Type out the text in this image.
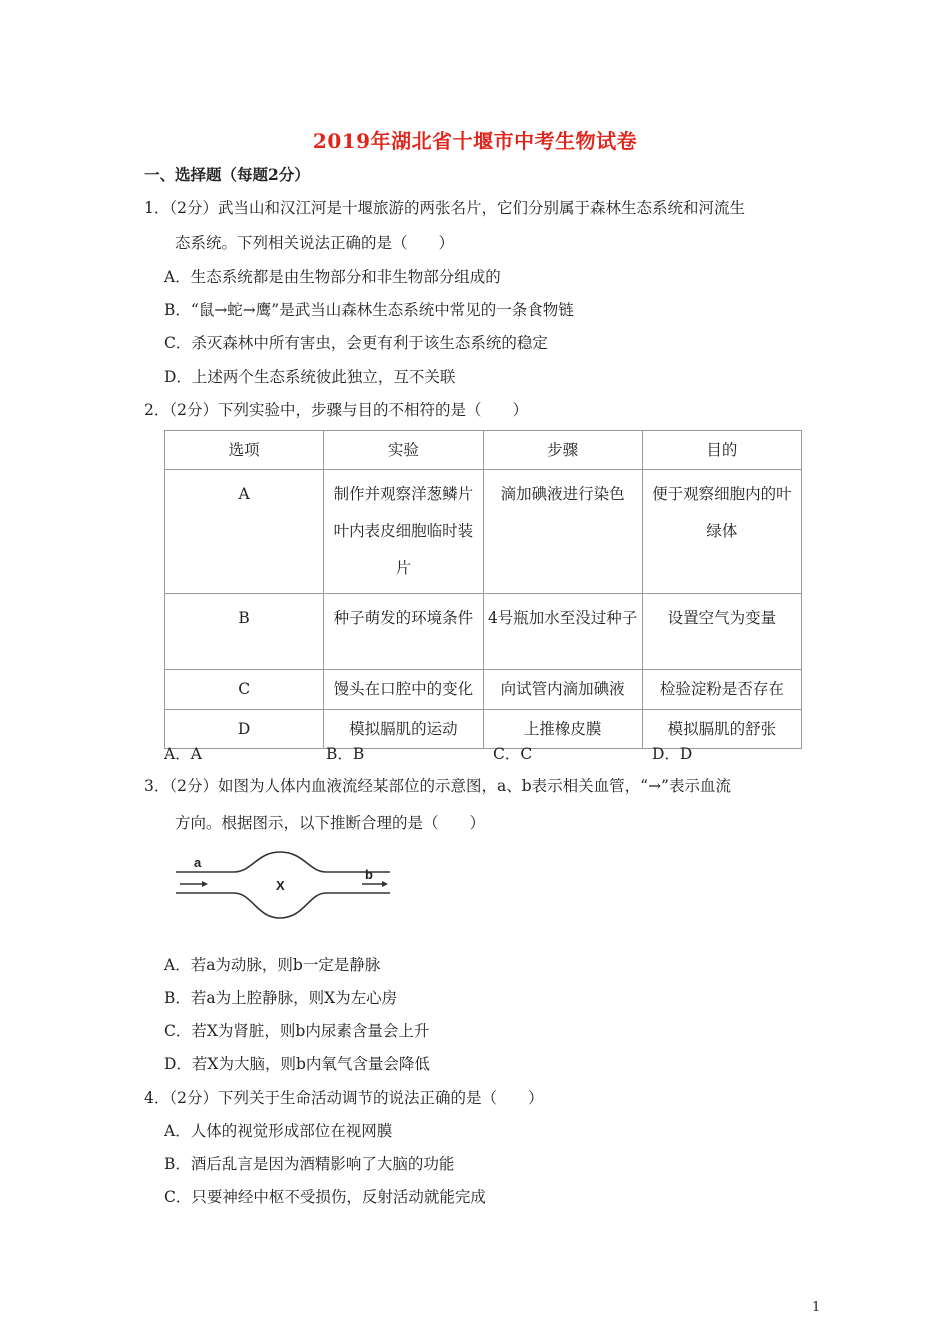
2019年湖北省十堰市中考生物试卷
一、选择题（每题2分）
1．（2分）武当山和汉江河是十堰旅游的两张名片，它们分别属于森林生态系统和河流生
态系统。下列相关说法正确的是（　　）
A．生态系统都是由生物部分和非生物部分组成的
B．“鼠→蛇→鹰”是武当山森林生态系统中常见的一条食物链
C．杀灭森林中所有害虫，会更有利于该生态系统的稳定
D．上述两个生态系统彼此独立，互不关联
2．（2分）下列实验中，步骤与目的不相符的是（　　）
选项	实验	步骤	目的
A	制作并观察洋葱鳞片叶内表皮细胞临时装片	滴加碘液进行染色	便于观察细胞内的叶绿体
B	种子萌发的环境条件	4号瓶加水至没过种子	设置空气为变量
C	馒头在口腔中的变化	向试管内滴加碘液	检验淀粉是否存在
D	模拟膈肌的运动	上推橡皮膜	模拟膈肌的舒张
A．A	B．B	C．C	D．D
3．（2分）如图为人体内血液流经某部位的示意图，a、b表示相关血管，“→”表示血流
方向。根据图示，以下推断合理的是（　　）
a
X
b
A．若a为动脉，则b一定是静脉
B．若a为上腔静脉，则X为左心房
C．若X为肾脏，则b内尿素含量会上升
D．若X为大脑，则b内氧气含量会降低
4．（2分）下列关于生命活动调节的说法正确的是（　　）
A．人体的视觉形成部位在视网膜
B．酒后乱言是因为酒精影响了大脑的功能
C．只要神经中枢不受损伤，反射活动就能完成
1
